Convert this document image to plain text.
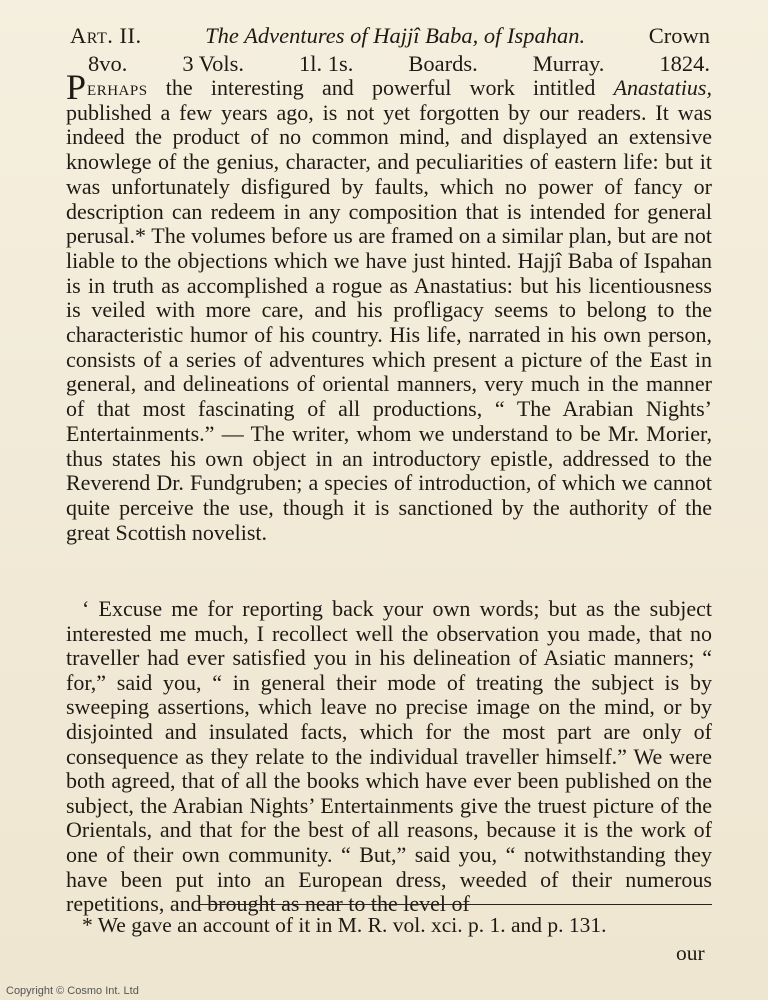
Art. II.	The Adventures of Hajjî Baba, of Ispahan.	Crown
8vo. 3 Vols. 1l. 1s. Boards. Murray. 1824.

Perhaps the interesting and powerful work intitled Anastatius, published a few years ago, is not yet forgotten by our readers. It was indeed the product of no common mind, and displayed an extensive knowlege of the genius, character, and peculiarities of eastern life: but it was unfortunately disfigured by faults, which no power of fancy or description can redeem in any composition that is intended for general perusal.* The volumes before us are framed on a similar plan, but are not liable to the objections which we have just hinted. Hajjî Baba of Ispahan is in truth as accomplished a rogue as Anastatius: but his licentiousness is veiled with more care, and his profligacy seems to belong to the characteristic humor of his country. His life, narrated in his own person, consists of a series of adventures which present a picture of the East in general, and delineations of oriental manners, very much in the manner of that most fascinating of all productions, “ The Arabian Nights’ Entertainments.” — The writer, whom we understand to be Mr. Morier, thus states his own object in an introductory epistle, addressed to the Reverend Dr. Fundgruben; a species of introduction, of which we cannot quite perceive the use, though it is sanctioned by the authority of the great Scottish novelist.

‘ Excuse me for reporting back your own words; but as the subject interested me much, I recollect well the observation you made, that no traveller had ever satisfied you in his delineation of Asiatic manners; “ for,” said you, “ in general their mode of treating the subject is by sweeping assertions, which leave no precise image on the mind, or by disjointed and insulated facts, which for the most part are only of consequence as they relate to the individual traveller himself.” We were both agreed, that of all the books which have ever been published on the subject, the Arabian Nights’ Entertainments give the truest picture of the Orientals, and that for the best of all reasons, because it is the work of one of their own community. “ But,” said you, “ notwithstanding they have been put into an European dress, weeded of their numerous repetitions, and brought as near to the level of

* We gave an account of it in M. R. vol. xci. p. 1. and p. 131.

our
Copyright © Cosmo Int. Ltd
